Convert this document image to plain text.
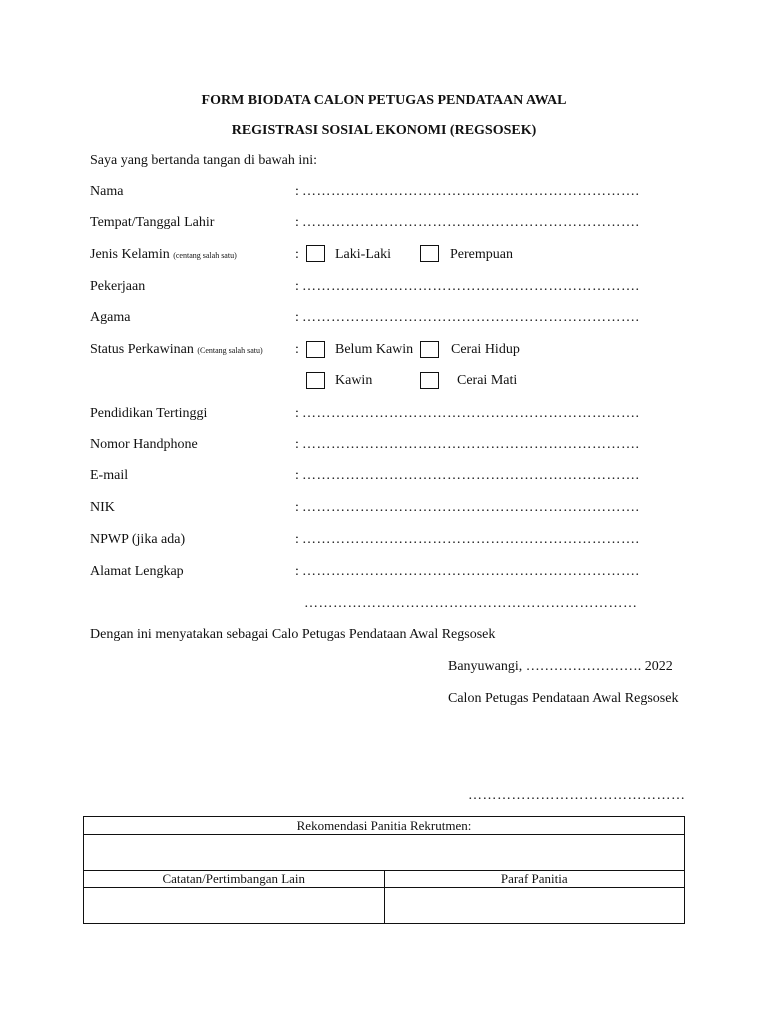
FORM BIODATA CALON PETUGAS PENDATAAN AWAL
REGISTRASI SOSIAL EKONOMI (REGSOSEK)
Saya yang bertanda tangan di bawah ini:
Nama	: …………………………………………………………….
Tempat/Tanggal Lahir	: …………………………………………………………….
Jenis Kelamin (centang salah satu)	:	Laki-Laki	Perempuan
Pekerjaan	: …………………………………………………………….
Agama	: …………………………………………………………….
Status Perkawinan (Centang salah satu) :	Belum Kawin	Cerai Hidup
Kawin	Cerai Mati
Pendidikan Tertinggi	: …………………………………………………………….
Nomor Handphone	: …………………………………………………………….
E-mail	: …………………………………………………………….
NIK	: …………………………………………………………….
NPWP (jika ada)	: …………………………………………………………….
Alamat Lengkap	: …………………………………………………………….
……………………………………………………………
Dengan ini menyatakan sebagai Calo Petugas Pendataan Awal Regsosek
Banyuwangi, ……………………. 2022
Calon Petugas Pendataan Awal Regsosek
………………………………………
Rekomendasi Panitia Rekrutmen:	

Catatan/Pertimbangan Lain	Paraf Panitia
